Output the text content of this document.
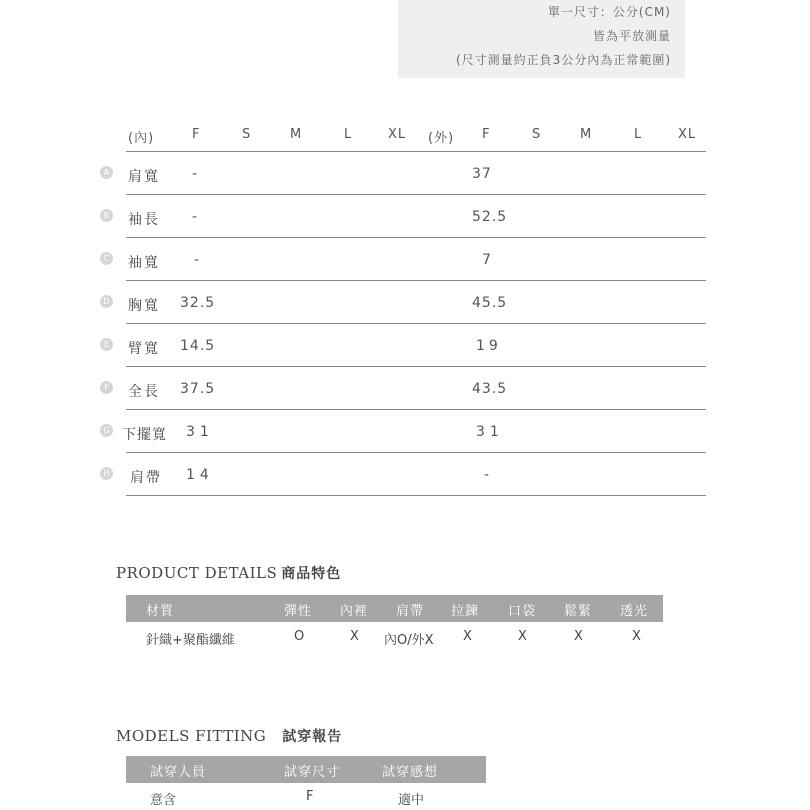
單一尺寸：公分(CM)
皆為平放測量
(尺寸測量約正負3公分內為正常範圍)
(內)	F	S	M	L	XL (外) F	S	M	L	XL
A 肩寬 -	37
B 袖長 -	52.5
C 袖寬 -	7
D 胸寬 32.5	45.5
E 臂寬 14.5	19
F	全長 37.5	43.5
G 下擺寬 31	31
H 肩帶 14	-
PRODUCT DETAILS 商品特色
材質	彈性 內裡 肩帶 拉鍊 口袋 鬆緊 透光
針織+聚酯纖維	O	X 內O/外X X	X	X	X
MODELS FITTING 試穿報告
試穿人員	試穿尺寸	試穿感想
意含	F	適中
